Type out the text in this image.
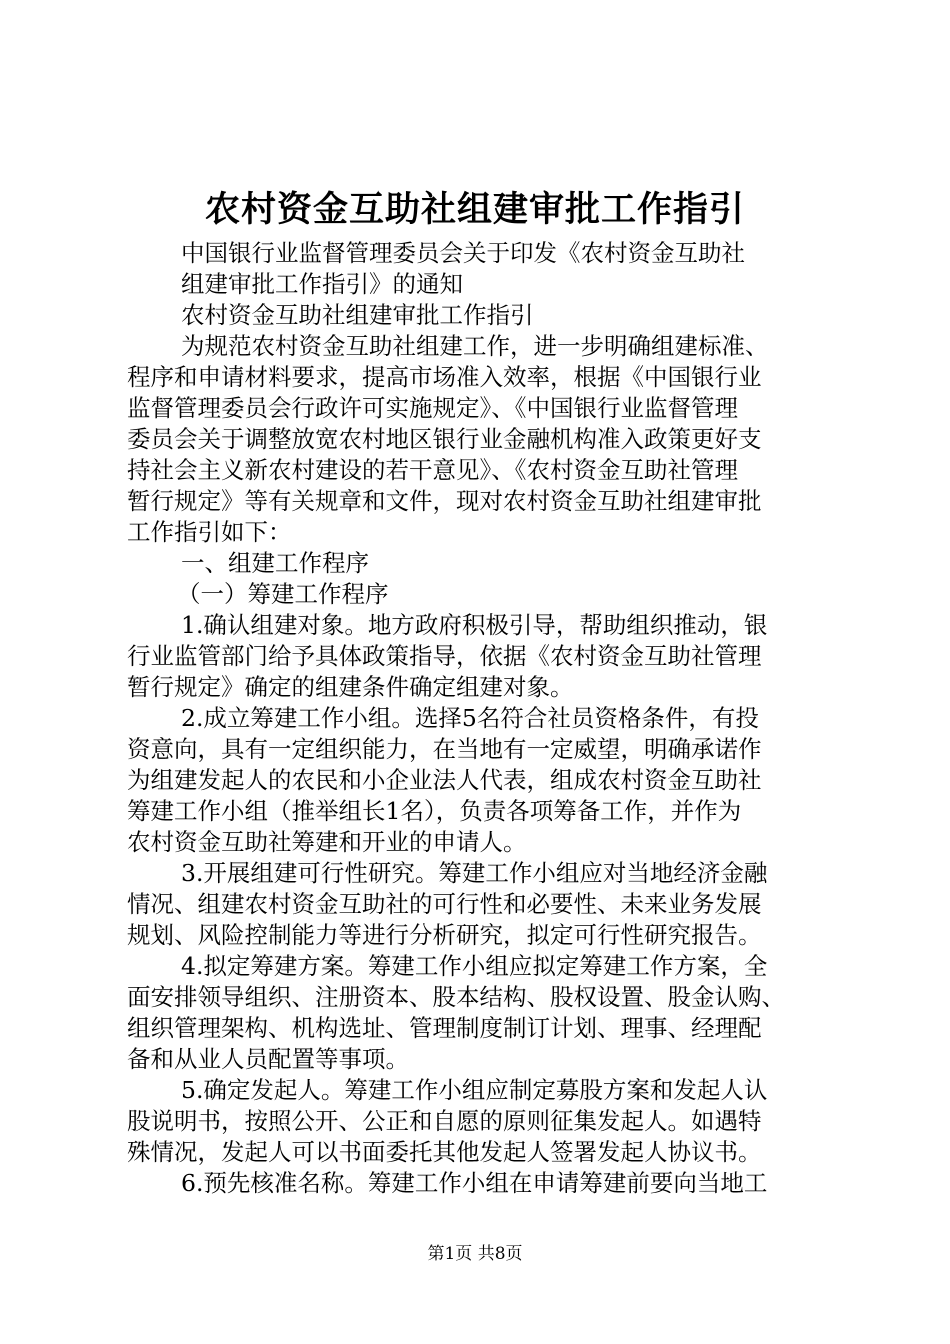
农村资金互助社组建审批工作指引
中国银行业监督管理委员会关于印发《农村资金互助社
组建审批工作指引》的通知
农村资金互助社组建审批工作指引
为规范农村资金互助社组建工作，进一步明确组建标准、
程序和申请材料要求，提高市场准入效率，根据《中国银行业
监督管理委员会行政许可实施规定》、《中国银行业监督管理
委员会关于调整放宽农村地区银行业金融机构准入政策更好支
持社会主义新农村建设的若干意见》、《农村资金互助社管理
暂行规定》等有关规章和文件，现对农村资金互助社组建审批
工作指引如下：
一、组建工作程序
（一）筹建工作程序
1.确认组建对象。地方政府积极引导，帮助组织推动，银
行业监管部门给予具体政策指导，依据《农村资金互助社管理
暂行规定》确定的组建条件确定组建对象。
2.成立筹建工作小组。选择5名符合社员资格条件，有投
资意向，具有一定组织能力，在当地有一定威望，明确承诺作
为组建发起人的农民和小企业法人代表，组成农村资金互助社
筹建工作小组（推举组长1名），负责各项筹备工作，并作为
农村资金互助社筹建和开业的申请人。
3.开展组建可行性研究。筹建工作小组应对当地经济金融
情况、组建农村资金互助社的可行性和必要性、未来业务发展
规划、风险控制能力等进行分析研究，拟定可行性研究报告。
4.拟定筹建方案。筹建工作小组应拟定筹建工作方案，全
面安排领导组织、注册资本、股本结构、股权设置、股金认购、
组织管理架构、机构选址、管理制度制订计划、理事、经理配
备和从业人员配置等事项。
5.确定发起人。筹建工作小组应制定募股方案和发起人认
股说明书，按照公开、公正和自愿的原则征集发起人。如遇特
殊情况，发起人可以书面委托其他发起人签署发起人协议书。
6.预先核准名称。筹建工作小组在申请筹建前要向当地工
第1页 共8页
